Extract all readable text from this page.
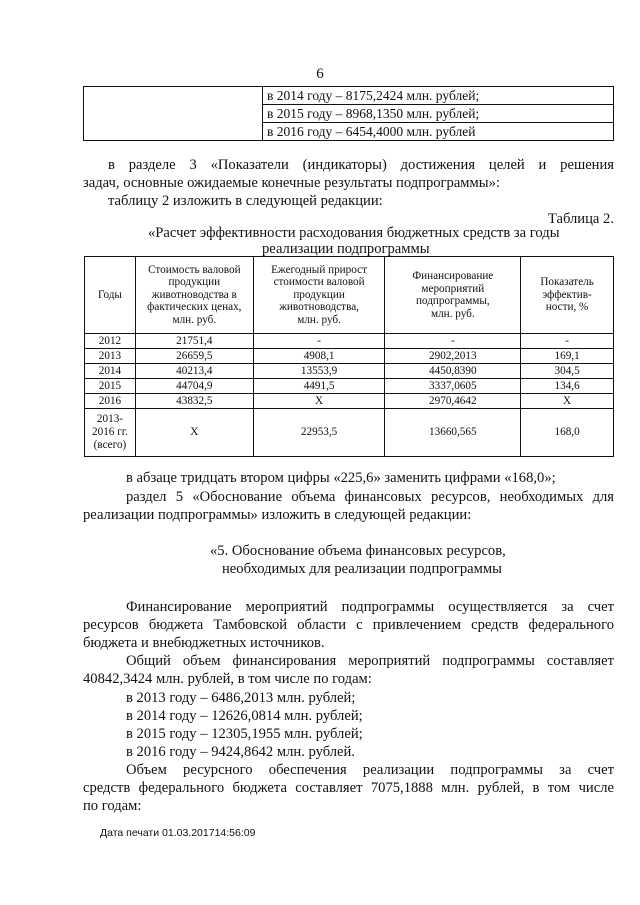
6
	в 2014 году – 8175,2424 млн. рублей;
в 2015 году – 8968,1350 млн. рублей;
в 2016 году – 6454,4000 млн. рублей
в разделе 3 «Показатели (индикаторы) достижения целей и решения
задач, основные ожидаемые конечные результаты подпрограммы»:
таблицу 2 изложить в следующей редакции:
Таблица 2.
«Расчет эффективности расходования бюджетных средств за годы
реализации подпрограммы
Годы	Стоимость валовой
продукции
животноводства в
фактических ценах,
млн. руб.	Ежегодный прирост
стоимости валовой
продукции
животноводства,
млн. руб.	Финансирование
мероприятий
подпрограммы,
млн. руб.	Показатель
эффектив-
ности, %
2012	21751,4	-	-	-
2013	26659,5	4908,1	2902,2013	169,1
2014	40213,4	13553,9	4450,8390	304,5
2015	44704,9	4491,5	3337,0605	134,6
2016	43832,5	Х	2970,4642	Х
2013-
2016 гг.
(всего)	Х	22953,5	13660,565	168,0
в абзаце тридцать втором цифры «225,6» заменить цифрами «168,0»;
раздел 5 «Обоснование объема финансовых ресурсов, необходимых для
реализации подпрограммы» изложить в следующей редакции:
«5. Обоснование объема финансовых ресурсов,
необходимых для реализации подпрограммы
Финансирование мероприятий подпрограммы осуществляется за счет
ресурсов бюджета Тамбовской области с привлечением средств федерального
бюджета и внебюджетных источников.
Общий объем финансирования мероприятий подпрограммы составляет
40842,3424 млн. рублей, в том числе по годам:
в 2013 году – 6486,2013 млн. рублей;
в 2014 году – 12626,0814 млн. рублей;
в 2015 году – 12305,1955 млн. рублей;
в 2016 году – 9424,8642 млн. рублей.
Объем ресурсного обеспечения реализации подпрограммы за счет
средств федерального бюджета составляет 7075,1888 млн. рублей, в том числе
по годам:
Дата печати 01.03.201714:56:09
